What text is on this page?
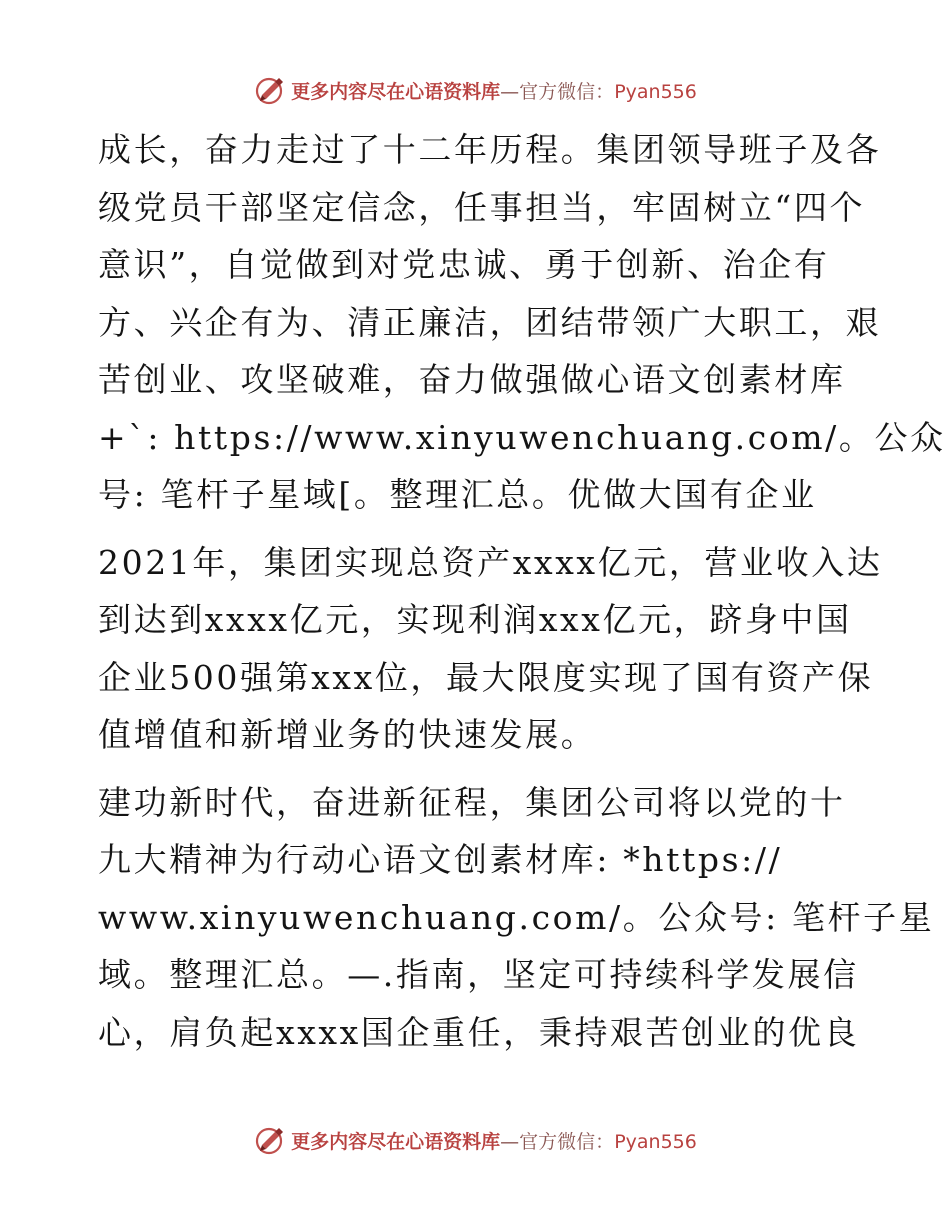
更多内容尽在心语资料库—官方微信：Pyan556
成长，奋力走过了十二年历程。集团领导班子及各
级党员干部坚定信念，任事担当，牢固树立“四个
意识”，自觉做到对党忠诚、勇于创新、治企有
方、兴企有为、清正廉洁，团结带领广大职工，艰
苦创业、攻坚破难，奋力做强做心语文创素材库
+`: https://www.xinyuwenchuang.com/。公众
号: 笔杆子星域[。整理汇总。优做大国有企业
2021年，集团实现总资产xxxx亿元，营业收入达
到达到xxxx亿元，实现利润xxx亿元，跻身中国
企业500强第xxx位，最大限度实现了国有资产保
值增值和新增业务的快速发展。
建功新时代，奋进新征程，集团公司将以党的十
九大精神为行动心语文创素材库: *https://
www.xinyuwenchuang.com/。公众号: 笔杆子星
域。整理汇总。—.指南，坚定可持续科学发展信
心，肩负起xxxx国企重任，秉持艰苦创业的优良
更多内容尽在心语资料库—官方微信：Pyan556
